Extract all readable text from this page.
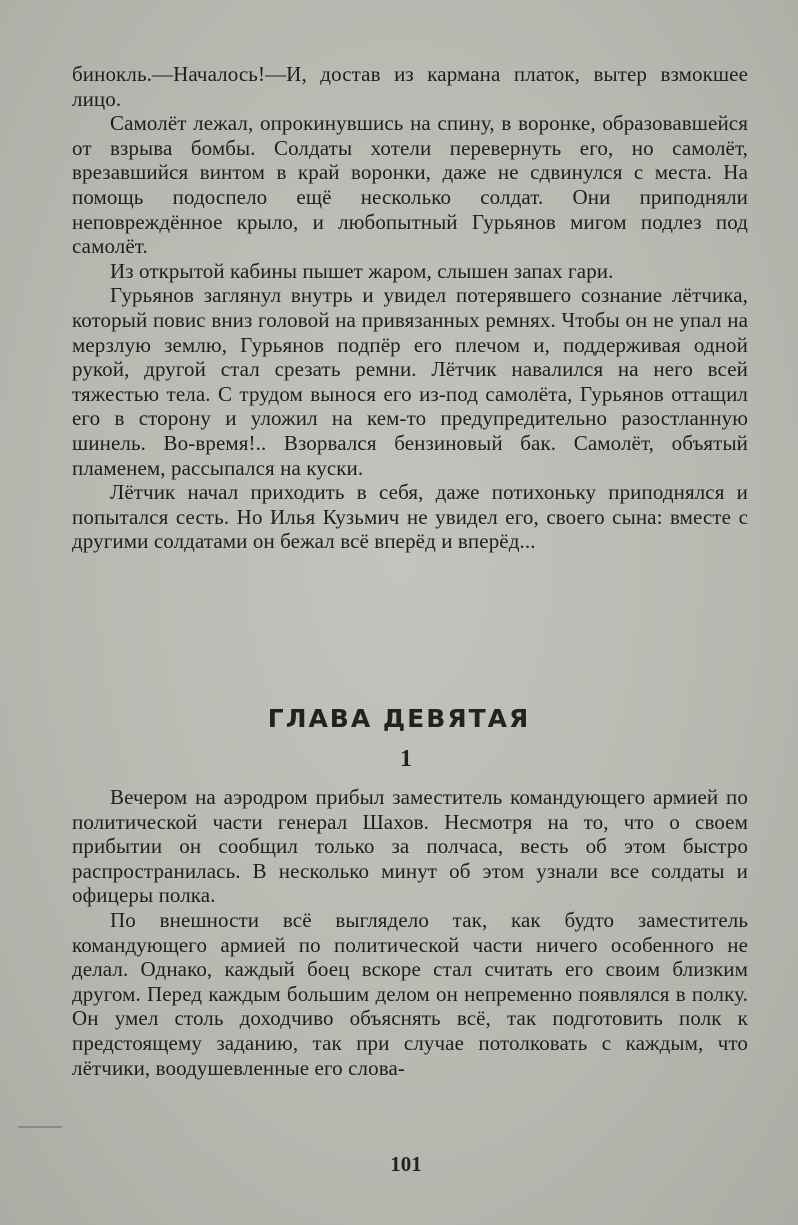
бинокль.—Началось!—И, достав из кармана платок, вытер взмокшее лицо.

Самолёт лежал, опрокинувшись на спину, в воронке, образовавшейся от взрыва бомбы. Солдаты хотели перевернуть его, но самолёт, врезавшийся винтом в край воронки, даже не сдвинулся с места. На помощь подоспело ещё несколько солдат. Они приподняли неповреждённое крыло, и любопытный Гурьянов мигом подлез под самолёт.

Из открытой кабины пышет жаром, слышен запах гари.

Гурьянов заглянул внутрь и увидел потерявшего сознание лётчика, который повис вниз головой на привязанных ремнях. Чтобы он не упал на мерзлую землю, Гурьянов подпёр его плечом и, поддерживая одной рукой, другой стал срезать ремни. Лётчик навалился на него всей тяжестью тела. С трудом вынося его из-под самолёта, Гурьянов оттащил его в сторону и уложил на кем-то предупредительно разостланную шинель. Во-время!.. Взорвался бензиновый бак. Самолёт, объятый пламенем, рассыпался на куски.

Лётчик начал приходить в себя, даже потихоньку приподнялся и попытался сесть. Но Илья Кузьмич не увидел его, своего сына: вместе с другими солдатами он бежал всё вперёд и вперёд...

ГЛАВА ДЕВЯТАЯ
1

Вечером на аэродром прибыл заместитель командующего армией по политической части генерал Шахов. Несмотря на то, что о своем прибытии он сообщил только за полчаса, весть об этом быстро распространилась. В несколько минут об этом узнали все солдаты и офицеры полка.

По внешности всё выглядело так, как будто заместитель командующего армией по политической части ничего особенного не делал. Однако, каждый боец вскоре стал считать его своим близким другом. Перед каждым большим делом он непременно появлялся в полку. Он умел столь доходчиво объяснять всё, так подготовить полк к предстоящему заданию, так при случае потолковать с каждым, что лётчики, воодушевленные его слова-

101
